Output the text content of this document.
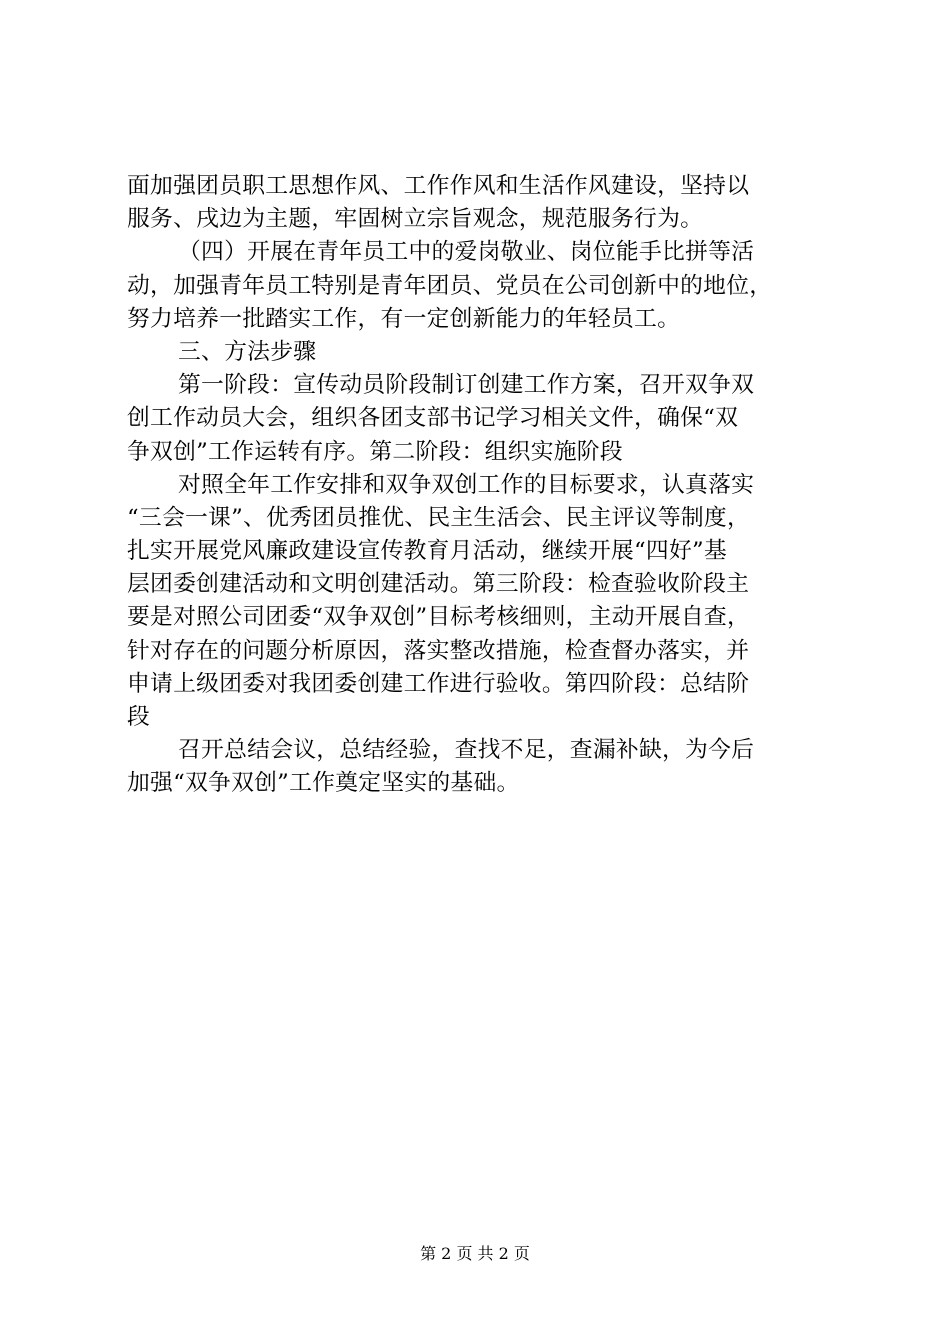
面加强团员职工思想作风、工作作风和生活作风建设，坚持以
服务、戌边为主题，牢固树立宗旨观念，规范服务行为。
（四）开展在青年员工中的爱岗敬业、岗位能手比拼等活
动，加强青年员工特别是青年团员、党员在公司创新中的地位，
努力培养一批踏实工作，有一定创新能力的年轻员工。
三、方法步骤
第一阶段：宣传动员阶段制订创建工作方案，召开双争双
创工作动员大会，组织各团支部书记学习相关文件，确保“双
争双创”工作运转有序。第二阶段：组织实施阶段
对照全年工作安排和双争双创工作的目标要求，认真落实
“三会一课”、优秀团员推优、民主生活会、民主评议等制度，
扎实开展党风廉政建设宣传教育月活动，继续开展“四好”基
层团委创建活动和文明创建活动。第三阶段：检查验收阶段主
要是对照公司团委“双争双创”目标考核细则，主动开展自查，
针对存在的问题分析原因，落实整改措施，检查督办落实，并
申请上级团委对我团委创建工作进行验收。第四阶段：总结阶
段
召开总结会议，总结经验，查找不足，查漏补缺，为今后
加强“双争双创”工作奠定坚实的基础。
第 2 页 共 2 页
